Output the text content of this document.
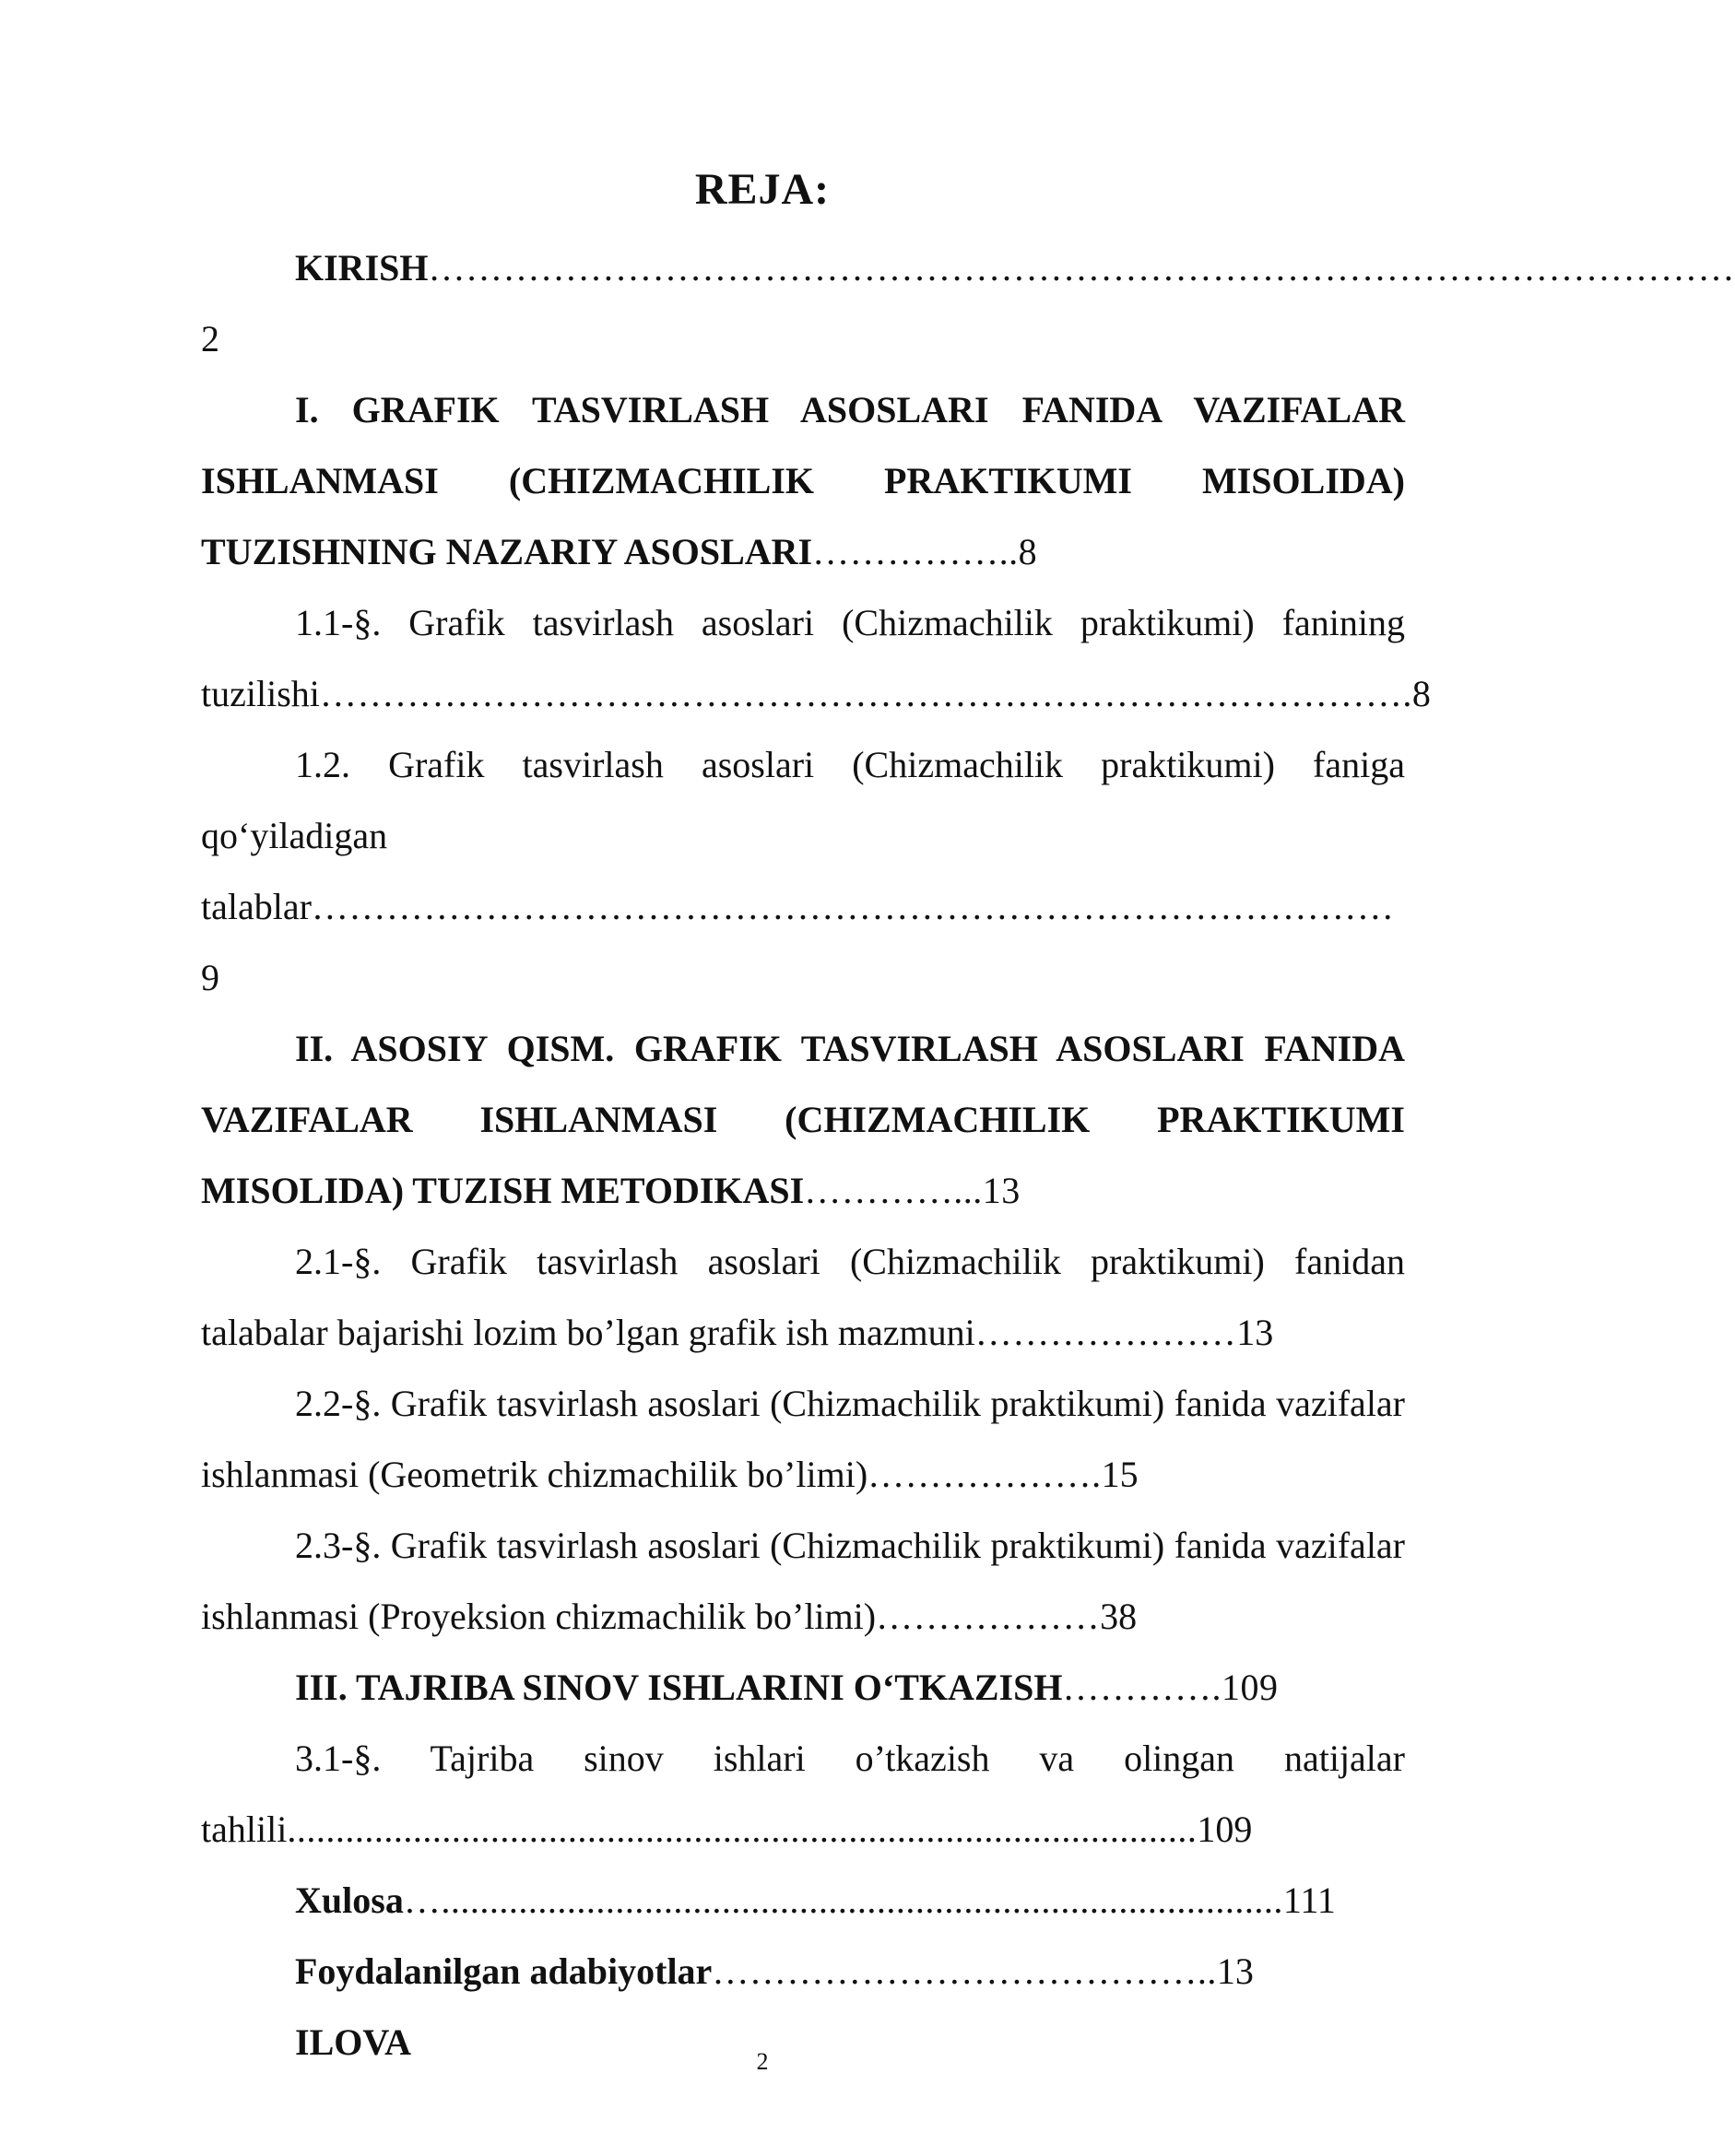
REJA:

KIRISH……………………………………………………………………………………………2

I. GRAFIK TASVIRLASH ASOSLARI FANIDA VAZIFALAR ISHLANMASI (CHIZMACHILIK PRAKTIKUMI MISOLIDA) TUZISHNING NAZARIY ASOSLARI……………..8

1.1-§. Grafik tasvirlash asoslari (Chizmachilik praktikumi) fanining tuzilishi…………………………………………………………………………….8

1.2. Grafik tasvirlash asoslari (Chizmachilik praktikumi) faniga qo‘yiladigan talablar……………………………………………………………………………9

II. ASOSIY QISM. GRAFIK TASVIRLASH ASOSLARI FANIDA VAZIFALAR ISHLANMASI (CHIZMACHILIK PRAKTIKUMI MISOLIDA) TUZISH METODIKASI…………...13

2.1-§. Grafik tasvirlash asoslari (Chizmachilik praktikumi) fanidan talabalar bajarishi lozim bo’lgan grafik ish mazmuni…………………13

2.2-§. Grafik tasvirlash asoslari (Chizmachilik praktikumi) fanida vazifalar ishlanmasi (Geometrik chizmachilik bo’limi)……………….15

2.3-§. Grafik tasvirlash asoslari (Chizmachilik praktikumi) fanida vazifalar ishlanmasi (Proyeksion chizmachilik bo’limi)………………38

III. TAJRIBA SINOV ISHLARINI O‘TKAZISH………….109

3.1-§. Tajriba sinov ishlari o’tkazish va olingan natijalar tahlili..............................................................................................109

Xulosa….......................................................................................111

Foydalanilgan adabiyotlar…………………………………..13

ILOVA	2
